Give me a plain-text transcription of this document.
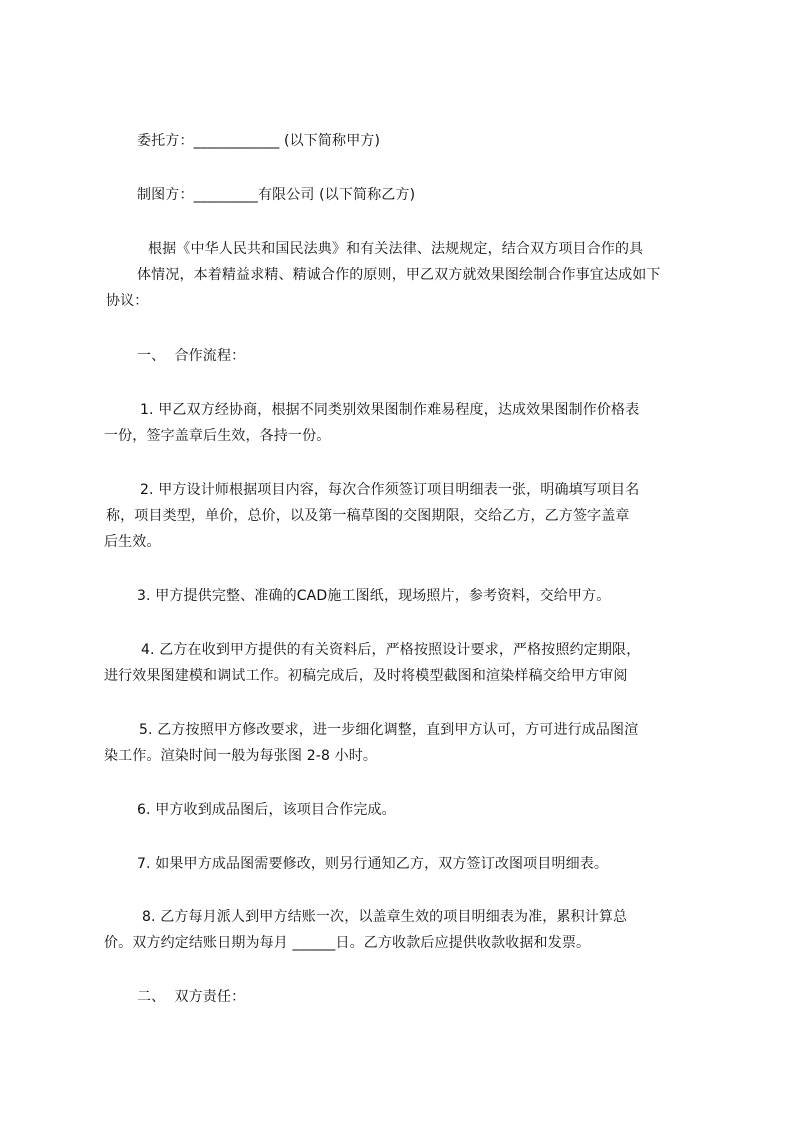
委托方：____________ (以下简称甲方)
制图方：_________有限公司 (以下简称乙方)
根据《中华人民共和国民法典》和有关法律、法规规定，结合双方项目合作的具
体情况，本着精益求精、精诚合作的原则，甲乙双方就效果图绘制合作事宜达成如下
协议：
一、  合作流程：
1. 甲乙双方经协商，根据不同类别效果图制作难易程度，达成效果图制作价格表
一份，签字盖章后生效，各持一份。
2. 甲方设计师根据项目内容，每次合作须签订项目明细表一张，明确填写项目名
称，项目类型，单价，总价，以及第一稿草图的交图期限，交给乙方，乙方签字盖章
后生效。
3. 甲方提供完整、准确的CAD施工图纸，现场照片，参考资料，交给甲方。
4. 乙方在收到甲方提供的有关资料后，严格按照设计要求，严格按照约定期限，
进行效果图建模和调试工作。初稿完成后，及时将模型截图和渲染样稿交给甲方审阅
5. 乙方按照甲方修改要求，进一步细化调整，直到甲方认可，方可进行成品图渲
染工作。渲染时间一般为每张图 2-8 小时。
6. 甲方收到成品图后，该项目合作完成。
7. 如果甲方成品图需要修改，则另行通知乙方，双方签订改图项目明细表。
8. 乙方每月派人到甲方结账一次，以盖章生效的项目明细表为准，累积计算总
价。双方约定结账日期为每月 ______日。乙方收款后应提供收款收据和发票。
二、  双方责任：
